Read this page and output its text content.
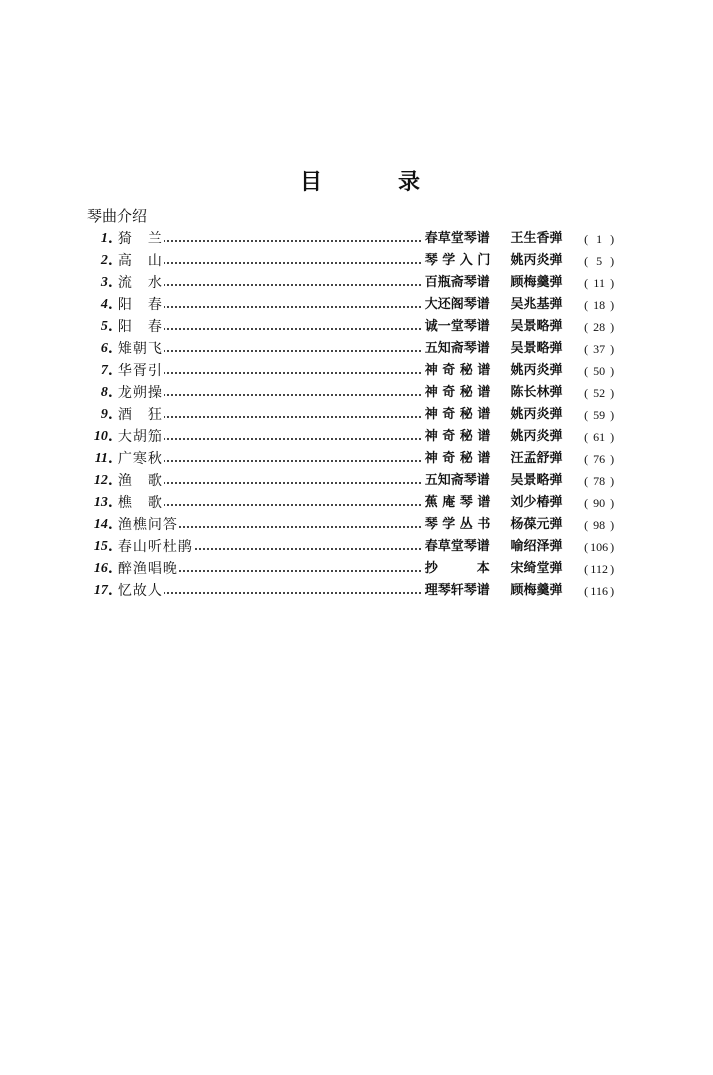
目	录
琴曲介绍
1 . 猗　兰	春草堂琴谱	王生香弹	( 1 )
2 . 高　山	琴 学 入 门	姚丙炎弹	( 5 )
3 . 流　水	百瓶斋琴谱	顾梅羹弹	( 11 )
4 . 阳　春	大还阁琴谱	吴兆基弹	( 18 )
5 . 阳　春	诚一堂琴谱	吴景略弹	( 28 )
6 . 雉朝飞	五知斋琴谱	吴景略弹	( 37 )
7 . 华胥引	神 奇 秘 谱	姚丙炎弹	( 50 )
8 . 龙朔操	神 奇 秘 谱	陈长林弹	( 52 )
9 . 酒　狂	神 奇 秘 谱	姚丙炎弹	( 59 )
10 . 大胡笳	神 奇 秘 谱	姚丙炎弹	( 61 )
11 . 广寒秋	神 奇 秘 谱	汪孟舒弹	( 76 )
12 . 渔　歌	五知斋琴谱	吴景略弹	( 78 )
13 . 樵　歌	蕉 庵 琴 谱	刘少椿弹	( 90 )
14 . 渔樵问答	琴 学 丛 书	杨葆元弹	( 98 )
15 . 春山听杜鹃	春草堂琴谱	喻绍泽弹	( 106 )
16 . 醉渔唱晚	抄　　　本	宋绮堂弹	( 112 )
17 . 忆故人	理琴轩琴谱	顾梅羹弹	( 116 )
